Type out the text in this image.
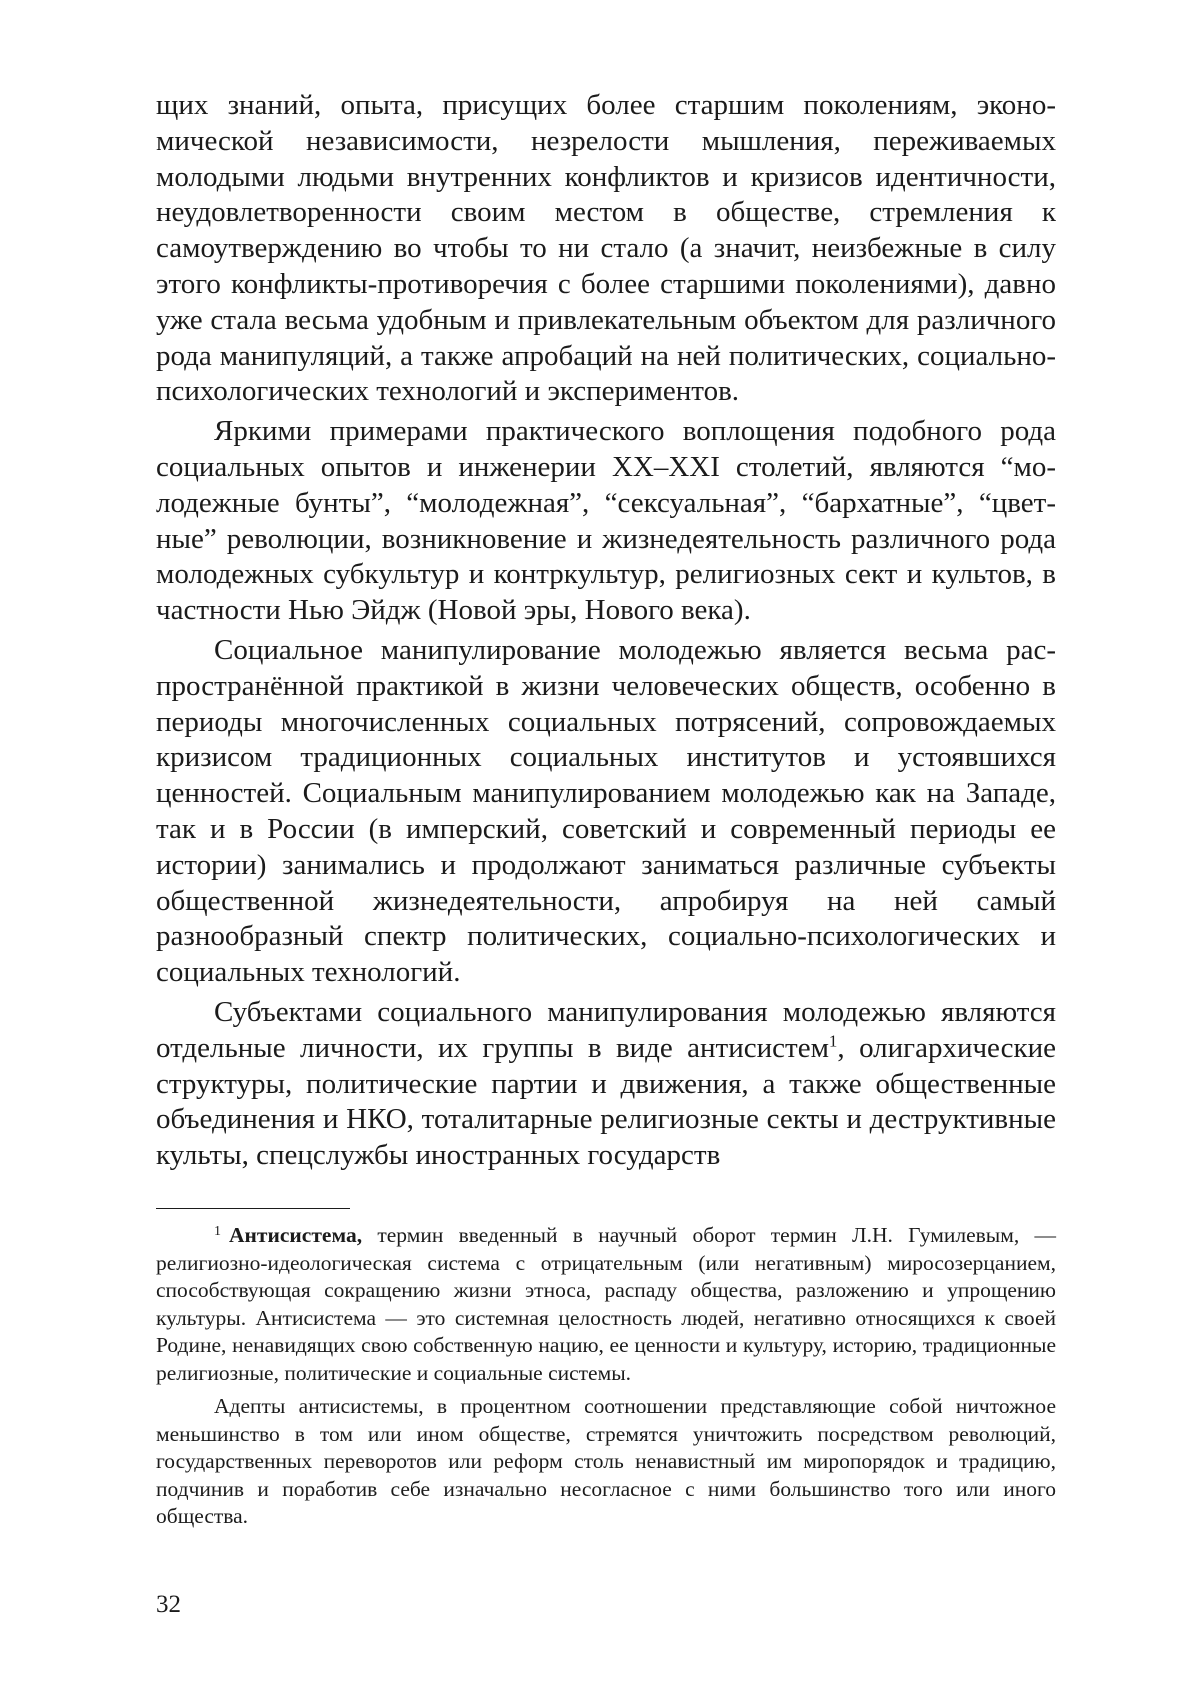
щих знаний, опыта, присущих более старшим поколениям, экономической независимости, незрелости мышления, переживаемых молодыми людьми внутренних конфликтов и кризисов идентичности, неудовлетворенности своим местом в обществе, стремления к самоутверждению во чтобы то ни стало (а значит, неизбежные в силу этого конфликты-противоречия с более старшими поколениями), давно уже стала весьма удобным и привлекательным объектом для различного рода манипуляций, а также апробаций на ней политических, социально-психологических технологий и экспериментов.

Яркими примерами практического воплощения подобного рода социальных опытов и инженерии XX–XXI столетий, являются “молодежные бунты”, “молодежная”, “сексуальная”, “бархатные”, “цветные” революции, возникновение и жизнедеятельность различного рода молодежных субкультур и контркультур, религиозных сект и культов, в частности Нью Эйдж (Новой эры, Нового века).

Социальное манипулирование молодежью является весьма распространённой практикой в жизни человеческих обществ, особенно в периоды многочисленных социальных потрясений, сопровождаемых кризисом традиционных социальных институтов и устоявшихся ценностей. Социальным манипулированием молодежью как на Западе, так и в России (в имперский, советский и современный периоды ее истории) занимались и продолжают заниматься различные субъекты общественной жизнедеятельности, апробируя на ней самый разнообразный спектр политических, социально-психологических и социальных технологий.

Субъектами социального манипулирования молодежью являются отдельные личности, их группы в виде антисистем$^1$, олигархические структуры, политические партии и движения, а также общественные объединения и НКО, тоталитарные религиозные секты и деструктивные культы, спецслужбы иностранных государств

$^1$ Антисистема, термин введенный в научный оборот термин Л.Н. Гумилевым, — религиозно-идеологическая система с отрицательным (или негативным) миросозерцанием, способствующая сокращению жизни этноса, распаду общества, разложению и упрощению культуры. Антисистема — это системная целостность людей, негативно относящихся к своей Родине, ненавидящих свою собственную нацию, ее ценности и культуру, историю, традиционные религиозные, политические и социальные системы.

Адепты антисистемы, в процентном соотношении представляющие собой ничтожное меньшинство в том или ином обществе, стремятся уничтожить посредством революций, государственных переворотов или реформ столь ненавистный им миропорядок и традицию, подчинив и поработив себе изначально несогласное с ними большинство того или иного общества.

32
